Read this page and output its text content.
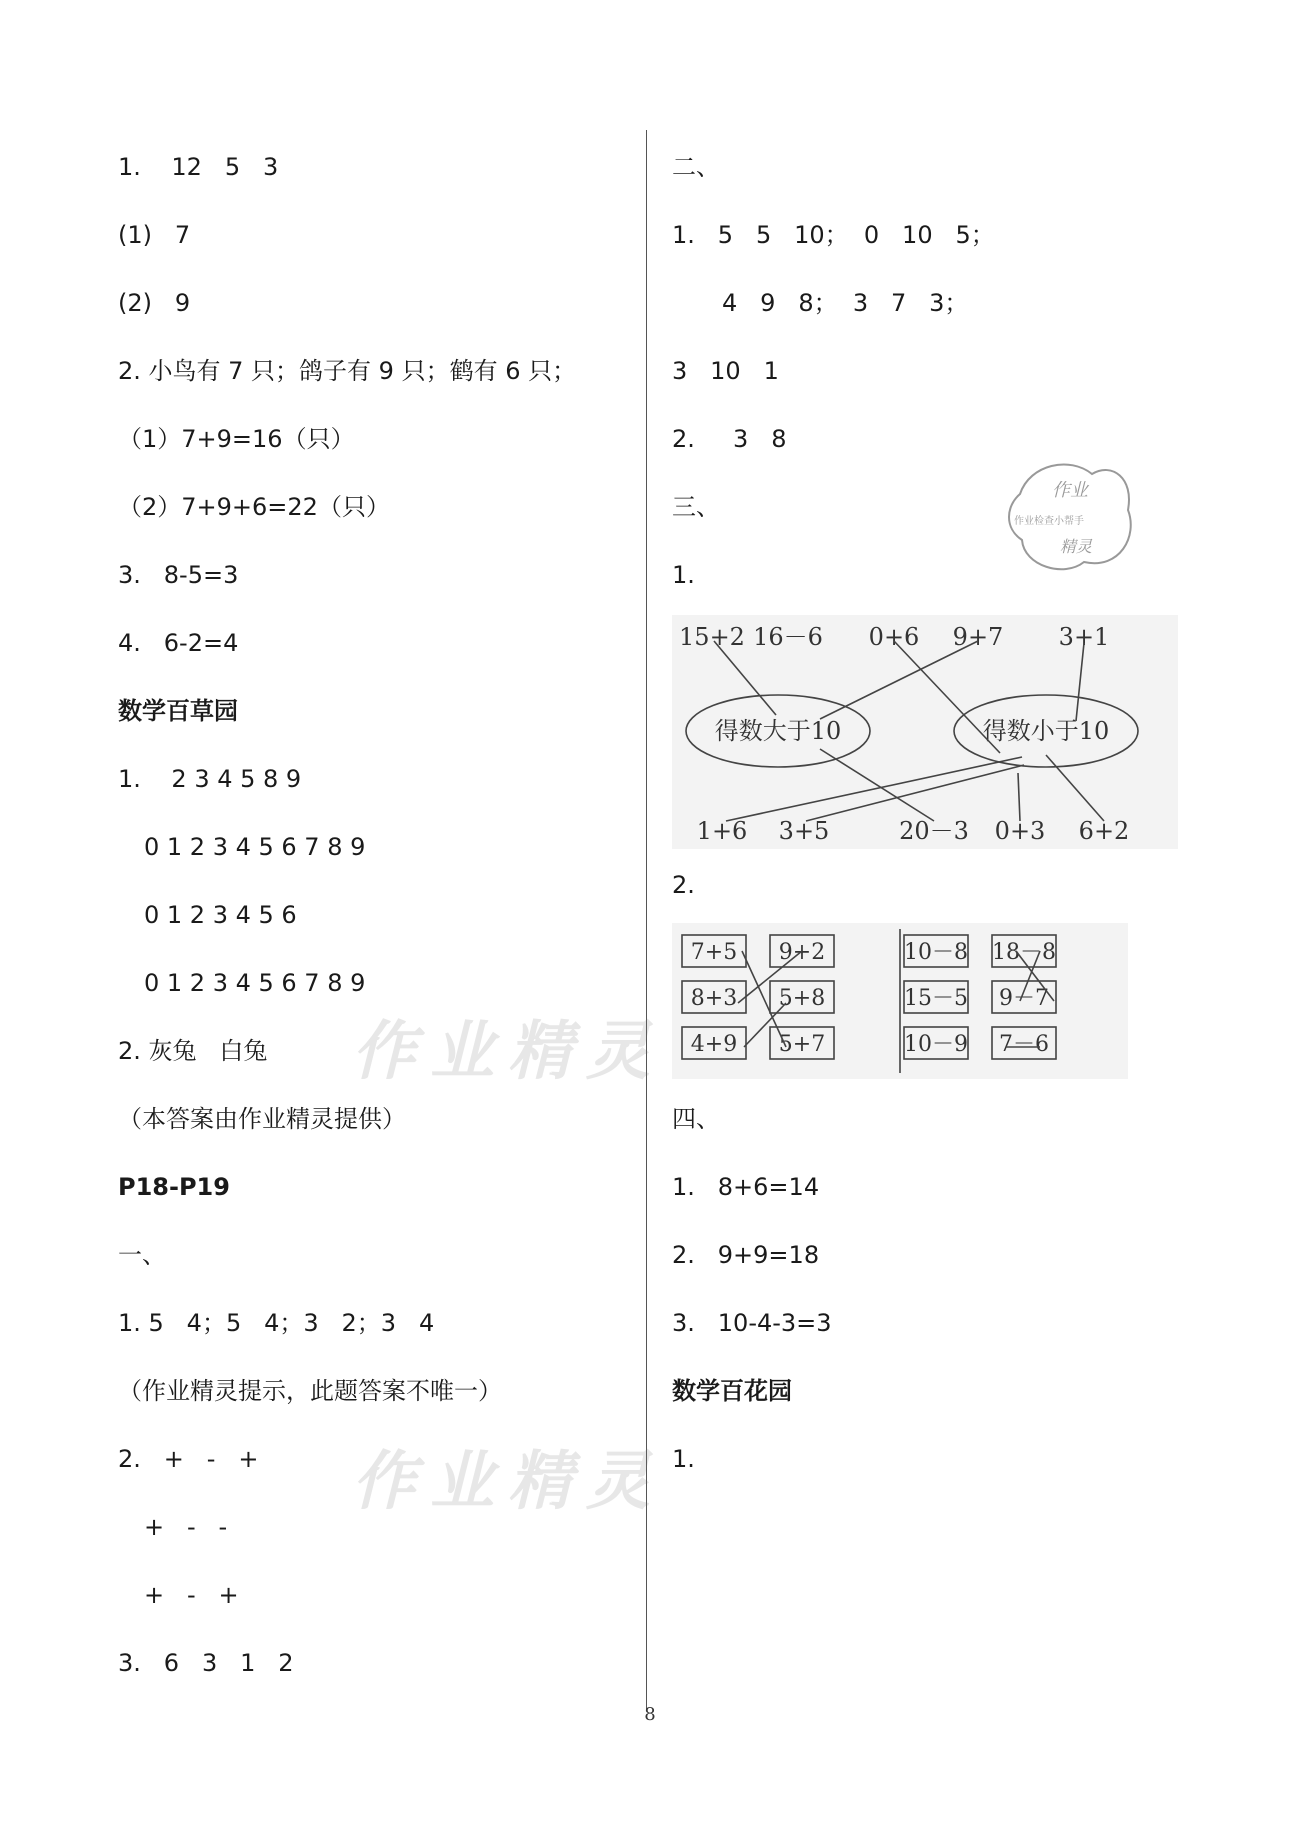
作业精灵
作业精灵
1.    12   5   3
(1)   7
(2)   9
2. 小鸟有 7 只；鸽子有 9 只；鹤有 6 只；
（1）7+9=16（只）
（2）7+9+6=22（只）
3.   8-5=3
4.   6-2=4
数学百草园
1.    2 3 4 5 8 9
0 1 2 3 4 5 6 7 8 9
0 1 2 3 4 5 6
0 1 2 3 4 5 6 7 8 9
2. 灰兔   白兔
（本答案由作业精灵提供）
P18-P19
一、
1. 5   4；5   4；3   2；3   4
（作业精灵提示，此题答案不唯一）
2.   +   -   +
+   -   -
+   -   +
3.   6   3   1   2
二、
1.   5   5   10；  0   10   5；
4   9   8；  3   7   3；
3   10   1
2.     3   8
三、
1.
15+2 16－6 0+6 9+7 3+1
得数大于10	得数小于10
1+6 3+5	20－3 0+3 6+2
2.
7+5 9+2
8+3 5+8
4+9 5+7
10－8 18－8
15－5 9－7
10－9 7－6
四、
1.   8+6=14
2.   9+9=18
3.   10-4-3=3
数学百花园
1.
作业
作业检查小帮手
精灵
8
